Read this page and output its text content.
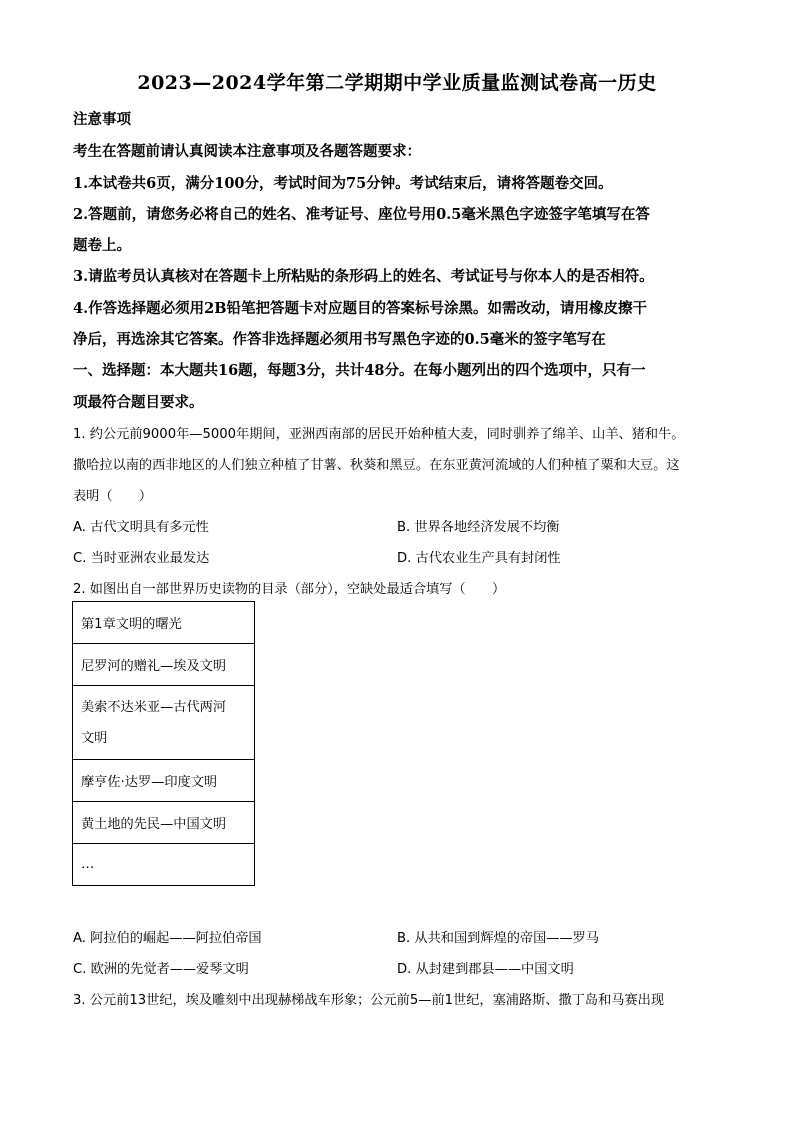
2023—2024学年第二学期期中学业质量监测试卷高一历史
注意事项
考生在答题前请认真阅读本注意事项及各题答题要求：
1.本试卷共6页，满分100分，考试时间为75分钟。考试结束后，请将答题卷交回。
2.答题前，请您务必将自己的姓名、准考证号、座位号用0.5毫米黑色字迹签字笔填写在答
题卷上。
3.请监考员认真核对在答题卡上所粘贴的条形码上的姓名、考试证号与你本人的是否相符。
4.作答选择题必须用2B铅笔把答题卡对应题目的答案标号涂黑。如需改动，请用橡皮擦干
净后，再选涂其它答案。作答非选择题必须用书写黑色字迹的0.5毫米的签字笔写在
一、选择题：本大题共16题，每题3分，共计48分。在每小题列出的四个选项中，只有一
项最符合题目要求。
1. 约公元前9000年—5000年期间，亚洲西南部的居民开始种植大麦，同时驯养了绵羊、山羊、猪和牛。
撒哈拉以南的西非地区的人们独立种植了甘薯、秋葵和黑豆。在东亚黄河流域的人们种植了粟和大豆。这
表明（　　）
A. 古代文明具有多元性	B. 世界各地经济发展不均衡
C. 当时亚洲农业最发达	D. 古代农业生产具有封闭性
2. 如图出自一部世界历史读物的目录（部分），空缺处最适合填写（　　）
第1章文明的曙光
尼罗河的赠礼—埃及文明
美索不达米亚—古代两河
文明
摩亨佐·达罗—印度文明
黄土地的先民—中国文明
…
A. 阿拉伯的崛起——阿拉伯帝国	B. 从共和国到辉煌的帝国——罗马
C. 欧洲的先觉者——爱琴文明	D. 从封建到郡县——中国文明
3. 公元前13世纪，埃及雕刻中出现赫梯战车形象；公元前5—前1世纪，塞浦路斯、撒丁岛和马赛出现
